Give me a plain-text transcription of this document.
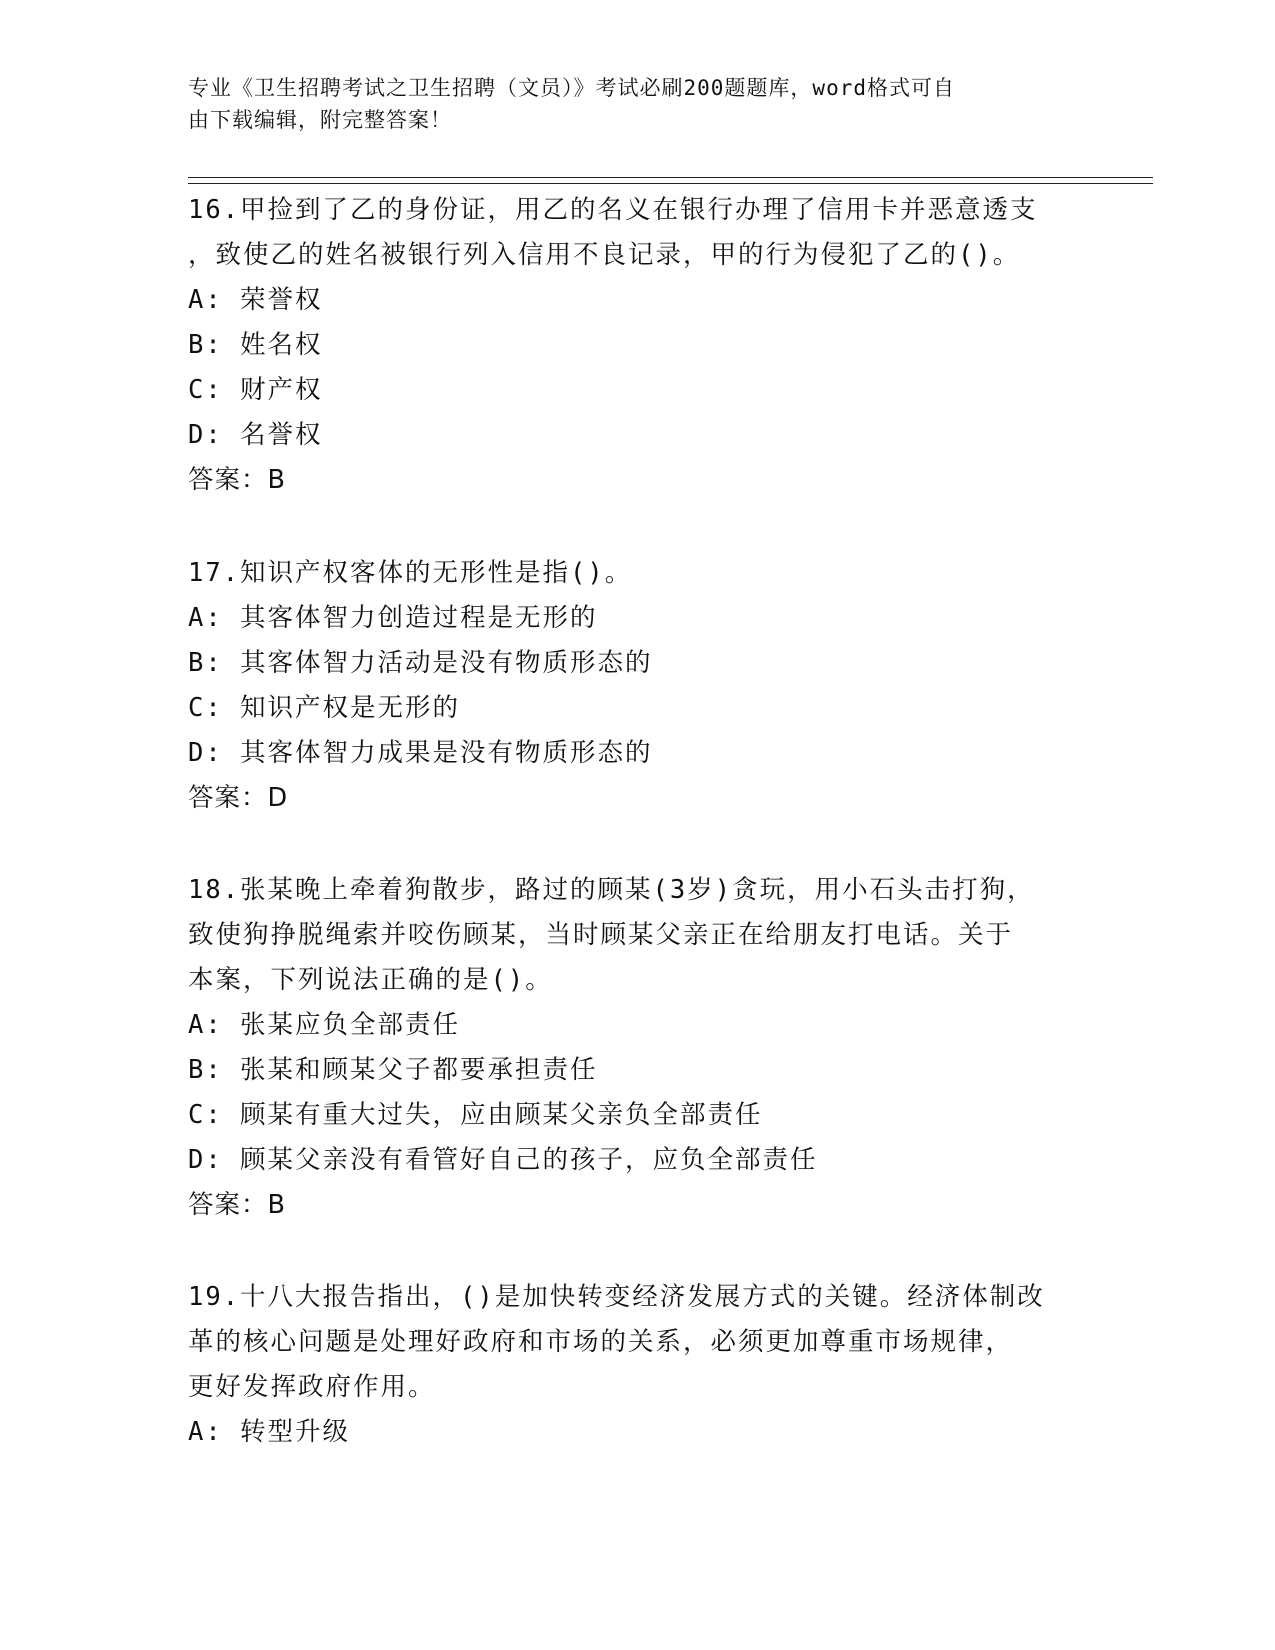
专业《卫生招聘考试之卫生招聘（文员）》考试必刷200题题库，word格式可自
由下载编辑，附完整答案！
16.甲捡到了乙的身份证，用乙的名义在银行办理了信用卡并恶意透支
，致使乙的姓名被银行列入信用不良记录，甲的行为侵犯了乙的()。
A: 荣誉权
B: 姓名权
C: 财产权
D: 名誉权
答案：B
17.知识产权客体的无形性是指()。
A: 其客体智力创造过程是无形的
B: 其客体智力活动是没有物质形态的
C: 知识产权是无形的
D: 其客体智力成果是没有物质形态的
答案：D
18.张某晚上牵着狗散步，路过的顾某(3岁)贪玩，用小石头击打狗，
致使狗挣脱绳索并咬伤顾某，当时顾某父亲正在给朋友打电话。关于
本案，下列说法正确的是()。
A: 张某应负全部责任
B: 张某和顾某父子都要承担责任
C: 顾某有重大过失，应由顾某父亲负全部责任
D: 顾某父亲没有看管好自己的孩子，应负全部责任
答案：B
19.十八大报告指出，()是加快转变经济发展方式的关键。经济体制改
革的核心问题是处理好政府和市场的关系，必须更加尊重市场规律，
更好发挥政府作用。
A: 转型升级
